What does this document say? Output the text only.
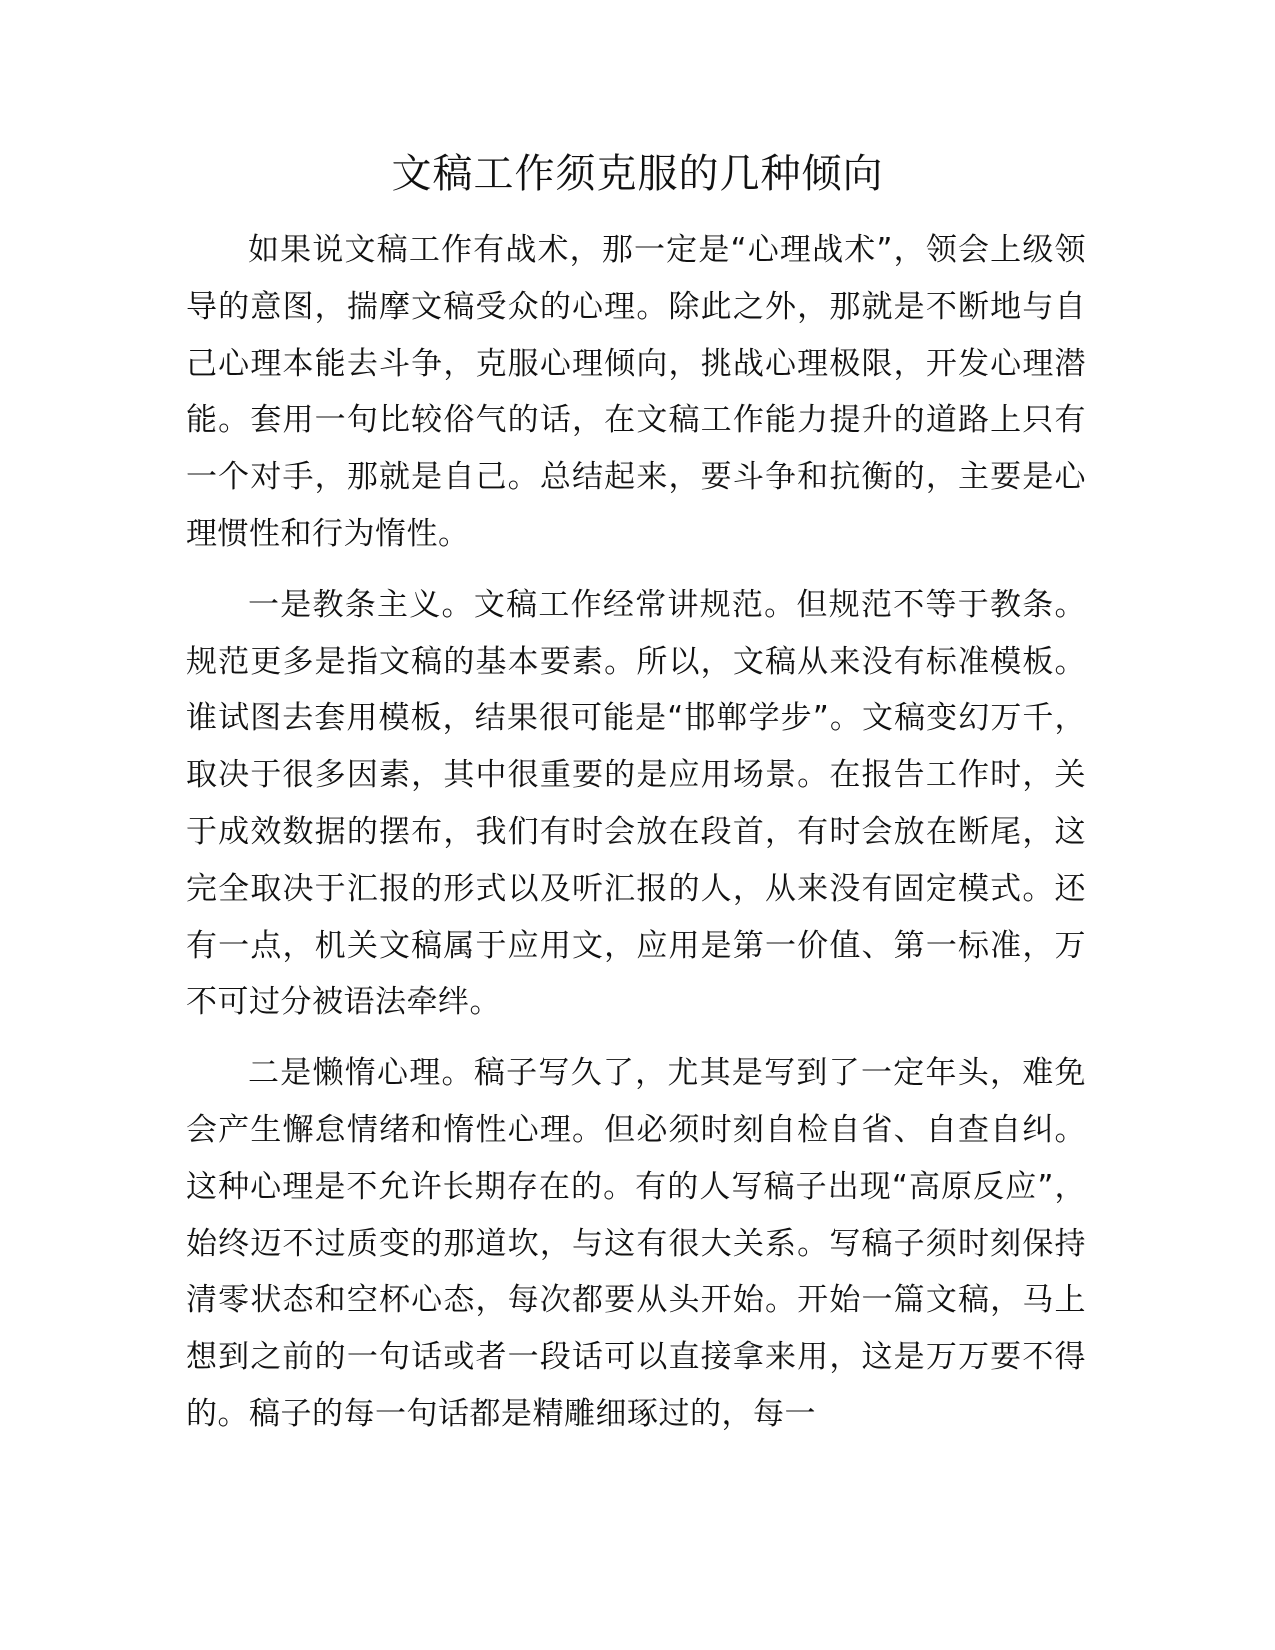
文稿工作须克服的几种倾向

如果说文稿工作有战术，那一定是“心理战术”，领会上级领导的意图，揣摩文稿受众的心理。除此之外，那就是不断地与自己心理本能去斗争，克服心理倾向，挑战心理极限，开发心理潜能。套用一句比较俗气的话，在文稿工作能力提升的道路上只有一个对手，那就是自己。总结起来，要斗争和抗衡的，主要是心理惯性和行为惰性。

一是教条主义。文稿工作经常讲规范。但规范不等于教条。规范更多是指文稿的基本要素。所以，文稿从来没有标准模板。谁试图去套用模板，结果很可能是“邯郸学步”。文稿变幻万千，取决于很多因素，其中很重要的是应用场景。在报告工作时，关于成效数据的摆布，我们有时会放在段首，有时会放在断尾，这完全取决于汇报的形式以及听汇报的人，从来没有固定模式。还有一点，机关文稿属于应用文，应用是第一价值、第一标准，万不可过分被语法牵绊。

二是懒惰心理。稿子写久了，尤其是写到了一定年头，难免会产生懈怠情绪和惰性心理。但必须时刻自检自省、自查自纠。这种心理是不允许长期存在的。有的人写稿子出现“高原反应”，始终迈不过质变的那道坎，与这有很大关系。写稿子须时刻保持清零状态和空杯心态，每次都要从头开始。开始一篇文稿，马上想到之前的一句话或者一段话可以直接拿来用，这是万万要不得的。稿子的每一句话都是精雕细琢过的，每一
